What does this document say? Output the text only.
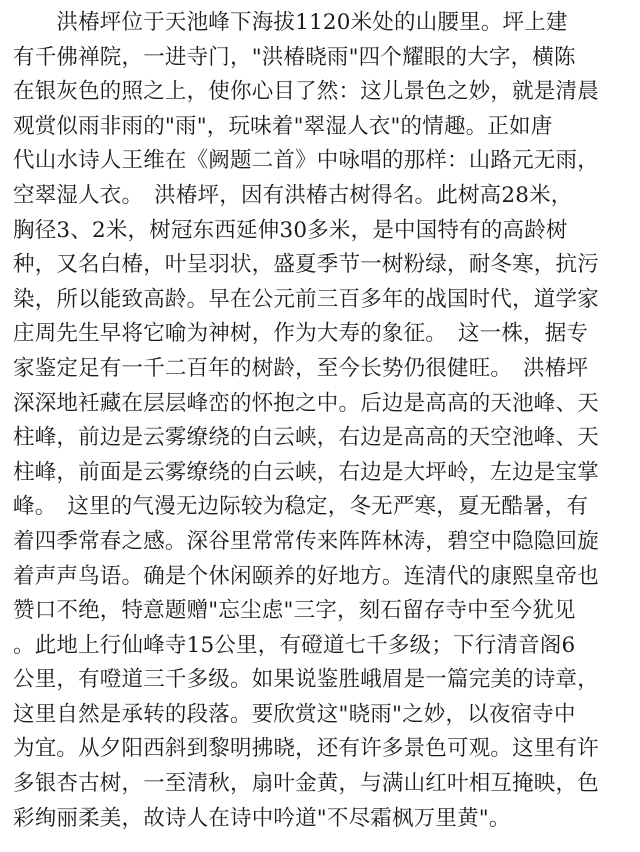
　　洪椿坪位于天池峰下海拔1120米处的山腰里。坪上建
有千佛禅院，一进寺门，"洪椿晓雨"四个耀眼的大字，横陈
在银灰色的照之上，使你心目了然：这儿景色之妙，就是清晨
观赏似雨非雨的"雨"，玩味着"翠湿人衣"的情趣。正如唐
代山水诗人王维在《阙题二首》中咏唱的那样：山路元无雨，
空翠湿人衣。　洪椿坪，因有洪椿古树得名。此树高28米，
胸径3、2米，树冠东西延伸30多米，是中国特有的高龄树
种，又名白椿，叶呈羽状，盛夏季节一树粉绿，耐冬寒，抗污
染，所以能致高龄。早在公元前三百多年的战国时代，道学家
庄周先生早将它喻为神树，作为大寿的象征。　这一株，据专
家鉴定足有一千二百年的树龄，至今长势仍很健旺。　洪椿坪
深深地衽藏在层层峰峦的怀抱之中。后边是高高的天池峰、天
柱峰，前边是云雾缭绕的白云峡，右边是高高的天空池峰、天
柱峰，前面是云雾缭绕的白云峡，右边是大坪岭，左边是宝掌
峰。　这里的气漫无边际较为稳定，冬无严寒，夏无酷暑，有
着四季常春之感。深谷里常常传来阵阵林涛，碧空中隐隐回旋
着声声鸟语。确是个休闲颐养的好地方。连清代的康熙皇帝也
赞口不绝，特意题赠"忘尘虑"三字，刻石留存寺中至今犹见
。此地上行仙峰寺15公里，有磴道七千多级；下行清音阁6
公里，有噔道三千多级。如果说鉴胜峨眉是一篇完美的诗章，
这里自然是承转的段落。要欣赏这"晓雨"之妙，以夜宿寺中
为宜。从夕阳西斜到黎明拂晓，还有许多景色可观。这里有许
多银杏古树，一至清秋，扇叶金黄，与满山红叶相互掩映，色
彩绚丽柔美，故诗人在诗中吟道"不尽霜枫万里黄"。
